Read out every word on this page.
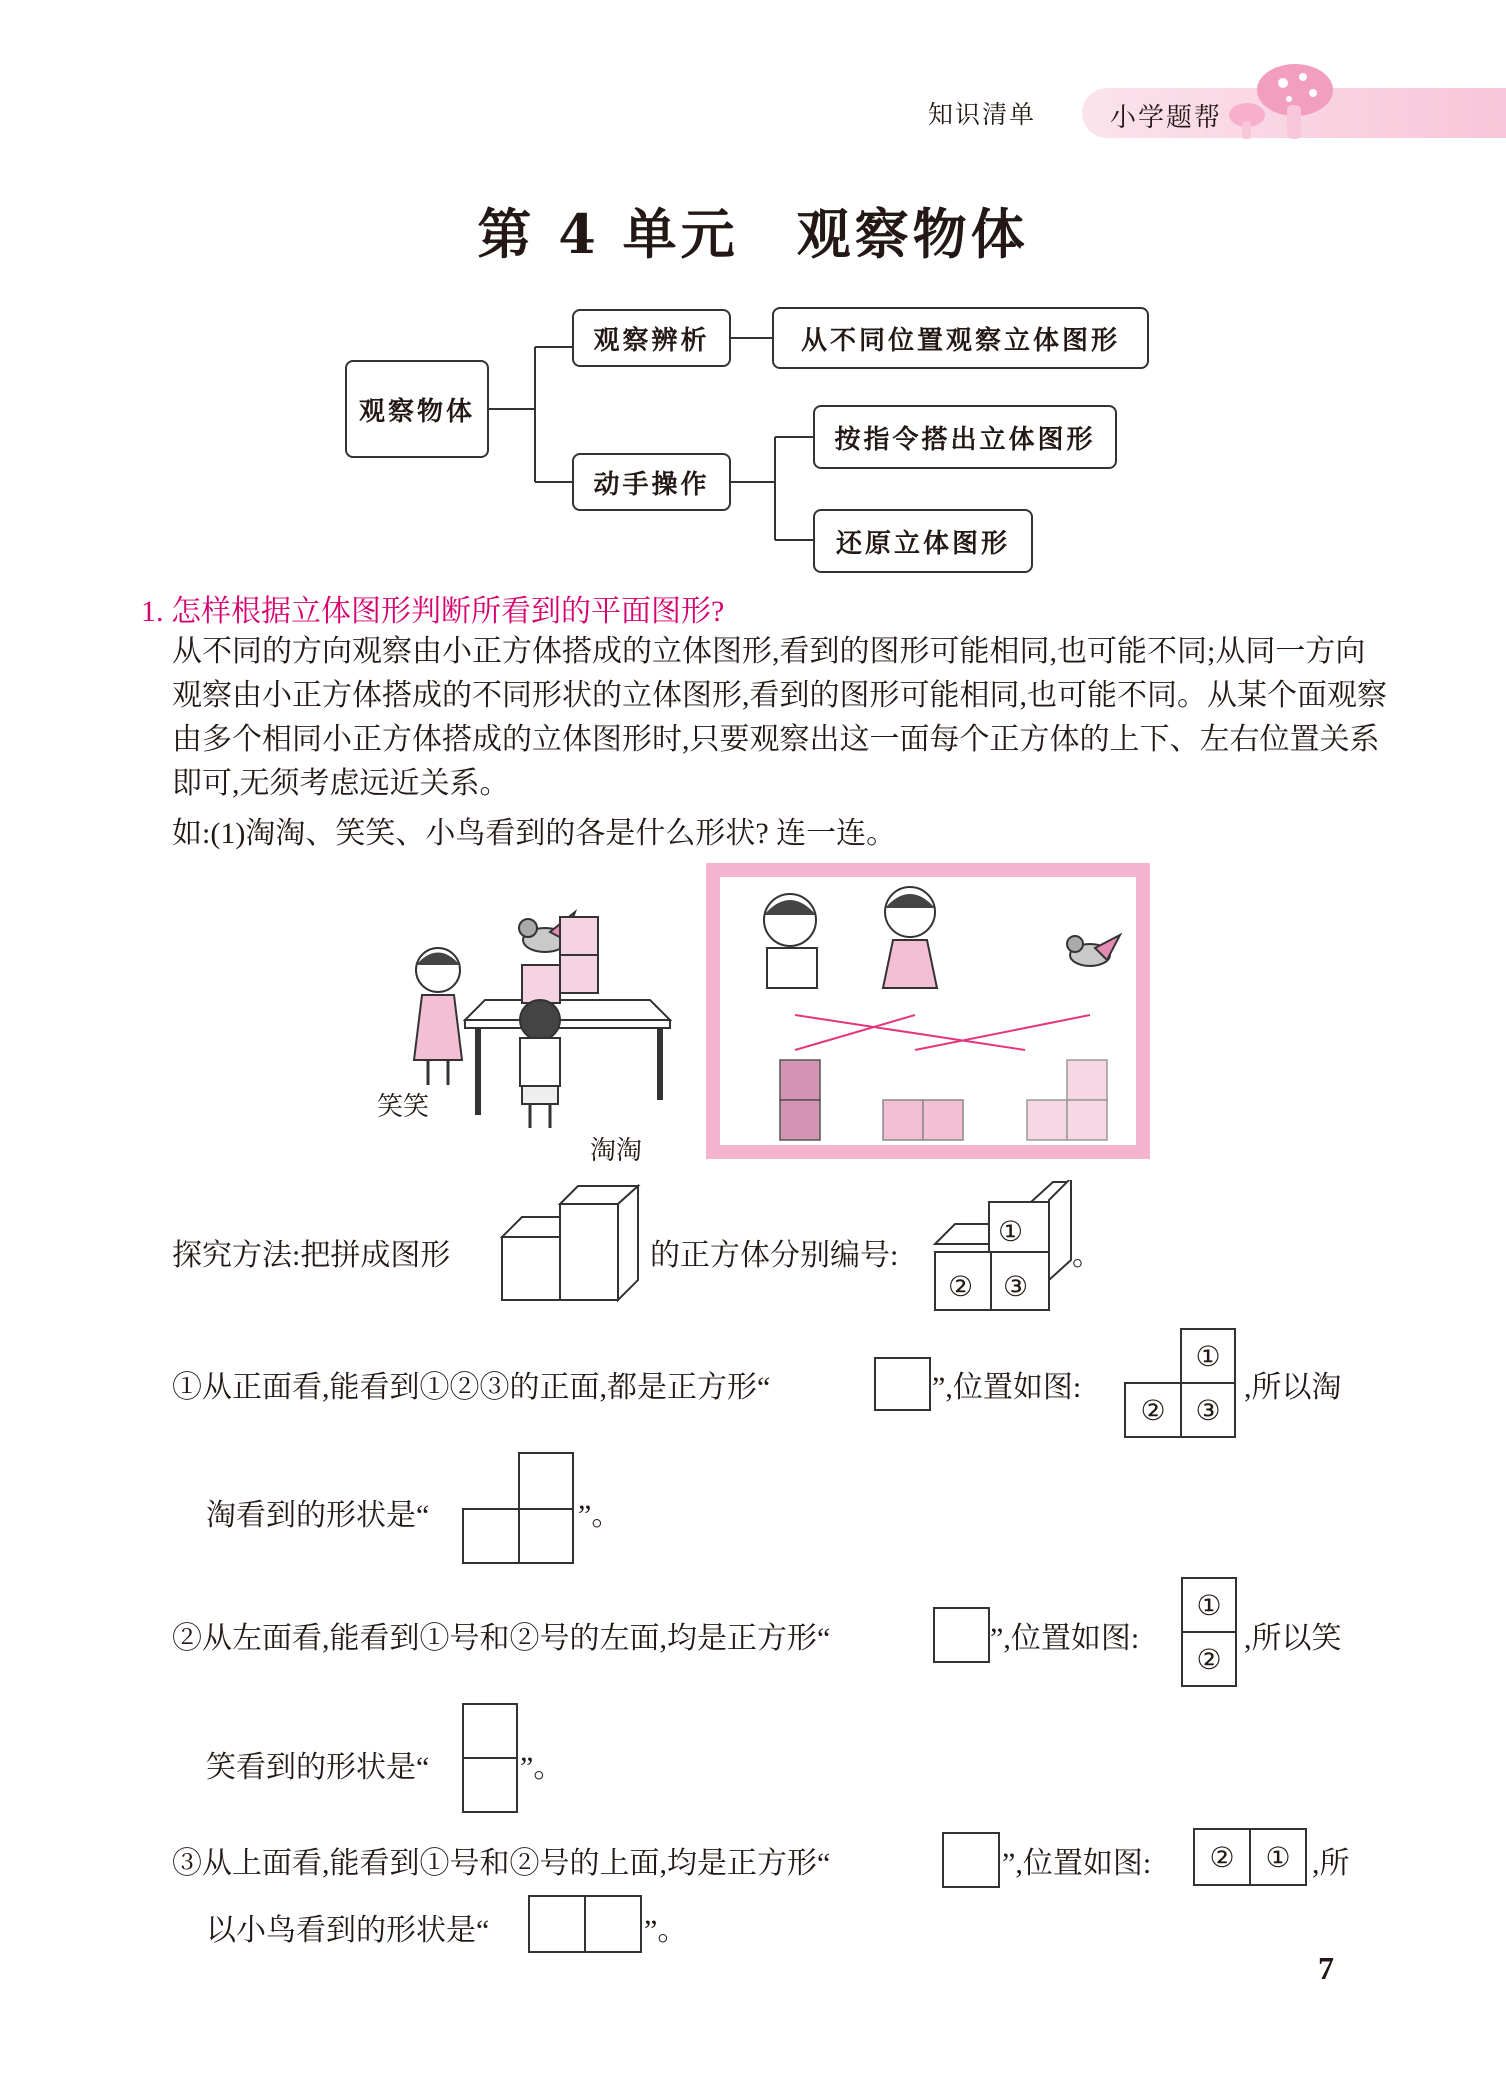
知识清单	小学题帮
第 4 单元　观察物体
观察物体
观察辨析	从不同位置观察立体图形
动手操作
按指令搭出立体图形
还原立体图形
1. 怎样根据立体图形判断所看到的平面图形?
从不同的方向观察由小正方体搭成的立体图形,看到的图形可能相同,也可能不同;从同一方向观察由小正方体搭成的不同形状的立体图形,看到的图形可能相同,也可能不同。从某个面观察由多个相同小正方体搭成的立体图形时,只要观察出这一面每个正方体的上下、左右位置关系即可,无须考虑远近关系。
如:(1)淘淘、笑笑、小鸟看到的各是什么形状? 连一连。
笑笑
淘淘
探究方法:把拼成图形	的正方体分别编号:
①
② ③
。
①从正面看,能看到①②③的正面,都是正方形“	”,位置如图:
①
②	③
,所以淘
淘看到的形状是“	”。
②从左面看,能看到①号和②号的左面,均是正方形“	”,位置如图:
①
②
,所以笑
笑看到的形状是“	”。
③从上面看,能看到①号和②号的上面,均是正方形“	”,位置如图:	②	① ,所
以小鸟看到的形状是“	”。
7
